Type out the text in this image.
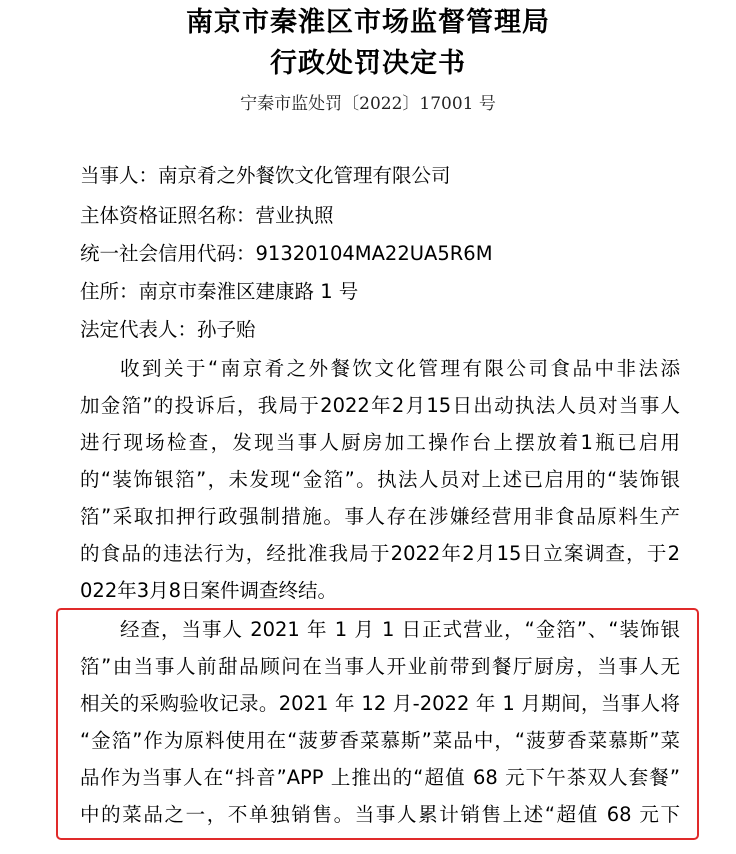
南京市秦淮区市场监督管理局
行政处罚决定书
宁秦市监处罚〔2022〕17001 号
当事人：南京肴之外餐饮文化管理有限公司
主体资格证照名称：营业执照
统一社会信用代码：91320104MA22UA5R6M
住所：南京市秦淮区建康路 1 号
法定代表人：孙子贻
收到关于“南京肴之外餐饮文化管理有限公司食品中非法添
加金箔”的投诉后，我局于2022年2月15日出动执法人员对当事人
进行现场检查，发现当事人厨房加工操作台上摆放着1瓶已启用
的“装饰银箔”，未发现“金箔”。执法人员对上述已启用的“装饰银
箔”采取扣押行政强制措施。事人存在涉嫌经营用非食品原料生产
的食品的违法行为，经批准我局于2022年2月15日立案调查，于2
022年3月8日案件调查终结。
经查，当事人 2021 年 1 月 1 日正式营业，“金箔”、“装饰银
箔”由当事人前甜品顾问在当事人开业前带到餐厅厨房，当事人无
相关的采购验收记录。2021 年 12 月-2022 年 1 月期间，当事人将
“金箔”作为原料使用在“菠萝香菜慕斯”菜品中，“菠萝香菜慕斯”菜
品作为当事人在“抖音”APP 上推出的“超值 68 元下午茶双人套餐”
中的菜品之一，不单独销售。当事人累计销售上述“超值 68 元下
